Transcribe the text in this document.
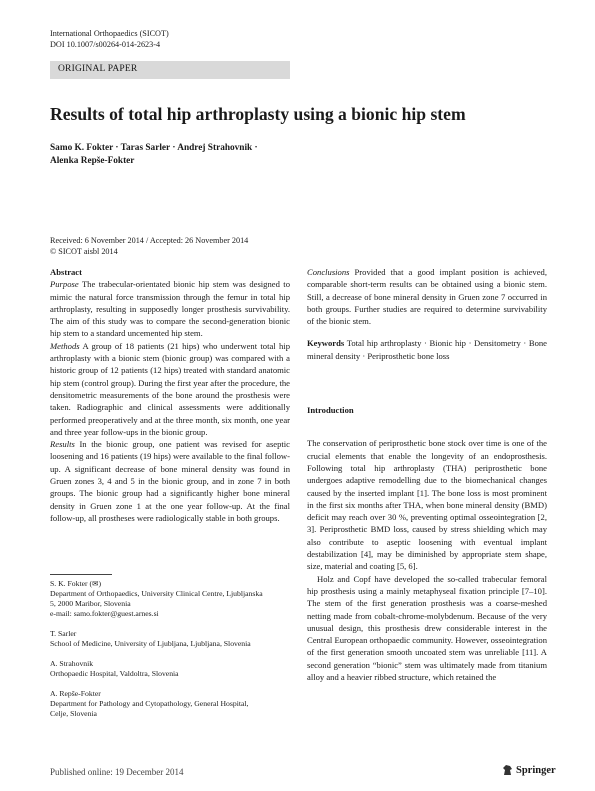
International Orthopaedics (SICOT)
DOI 10.1007/s00264-014-2623-4
ORIGINAL PAPER
Results of total hip arthroplasty using a bionic hip stem
Samo K. Fokter · Taras Sarler · Andrej Strahovnik ·
Alenka Repše-Fokter
Received: 6 November 2014 / Accepted: 26 November 2014
© SICOT aisbl 2014

Abstract

Purpose The trabecular-orientated bionic hip stem was designed to mimic the natural force transmission through the femur in total hip arthroplasty, resulting in supposedly longer prosthesis survivability. The aim of this study was to compare the second-generation bionic hip stem to a standard uncemented hip stem.

Methods A group of 18 patients (21 hips) who underwent total hip arthroplasty with a bionic stem (bionic group) was compared with a historic group of 12 patients (12 hips) treated with standard anatomic hip stem (control group). During the first year after the procedure, the densitometric measurements of the bone around the prosthesis were taken. Radiographic and clinical assessments were additionally performed preoperatively and at the three month, six month, one year and three year follow-ups in the bionic group.

Results In the bionic group, one patient was revised for aseptic loosening and 16 patients (19 hips) were available to the final follow-up. A significant decrease of bone mineral density was found in Gruen zones 3, 4 and 5 in the bionic group, and in zone 7 in both groups. The bionic group had a significantly higher bone mineral density in Gruen zone 1 at the one year follow-up. At the final follow-up, all prostheses were radiologically stable in both groups.

S. K. Fokter (✉)
Department of Orthopaedics, University Clinical Centre, Ljubljanska
5, 2000 Maribor, Slovenia
e-mail: samo.fokter@guest.arnes.si
T. Sarler
School of Medicine, University of Ljubljana, Ljubljana, Slovenia
A. Strahovnik
Orthopaedic Hospital, Valdoltra, Slovenia
A. Repše-Fokter
Department for Pathology and Cytopathology, General Hospital,
Celje, Slovenia

Conclusions Provided that a good implant position is achieved, comparable short-term results can be obtained using a bionic stem. Still, a decrease of bone mineral density in Gruen zone 7 occurred in both groups. Further studies are required to determine survivability of the bionic stem.

Keywords Total hip arthroplasty · Bionic hip · Densitometry · Bone mineral density · Periprosthetic bone loss

Introduction

The conservation of periprosthetic bone stock over time is one of the crucial elements that enable the longevity of an endoprosthesis. Following total hip arthroplasty (THA) periprosthetic bone undergoes adaptive remodelling due to the biomechanical changes caused by the inserted implant [1]. The bone loss is most prominent in the first six months after THA, when bone mineral density (BMD) deficit may reach over 30 %, preventing optimal osseointegration [2, 3]. Periprosthetic BMD loss, caused by stress shielding which may also contribute to aseptic loosening with eventual implant destabilization [4], may be diminished by appropriate stem shape, size, material and coating [5, 6].

Holz and Copf have developed the so-called trabecular femoral hip prosthesis using a mainly metaphyseal fixation principle [7–10]. The stem of the first generation prosthesis was a coarse-meshed netting made from cobalt-chrome-molybdenum. Because of the very unusual design, this prosthesis drew considerable interest in the Central European orthopaedic community. However, osseointegration of the first generation smooth uncoated stem was unreliable [11]. A second generation “bionic” stem was ultimately made from titanium alloy and a heavier ribbed structure, which retained the

Published online: 19 December 2014	Springer
